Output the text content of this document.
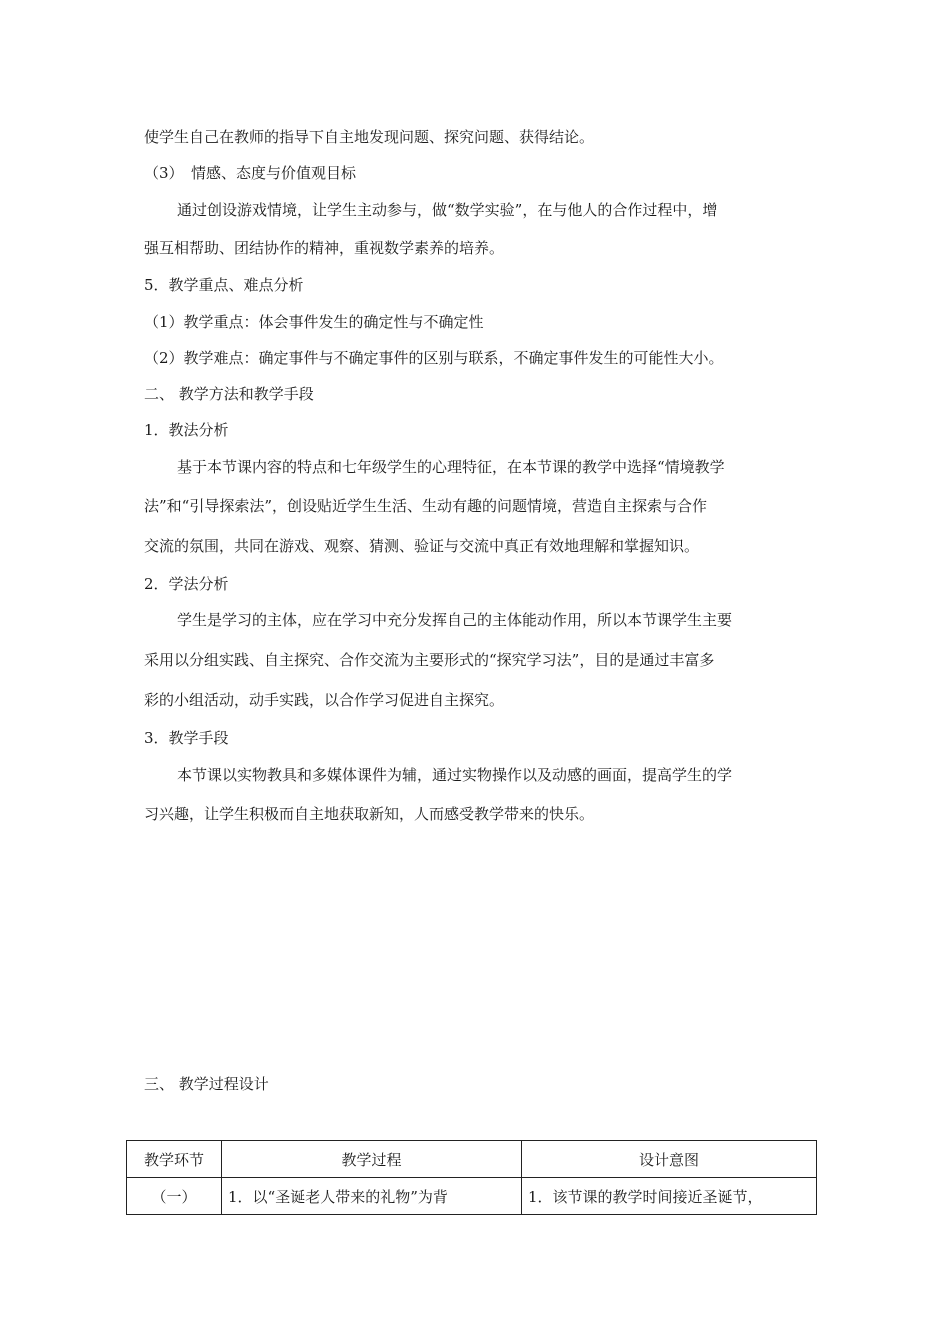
使学生自己在教师的指导下自主地发现问题、探究问题、获得结论。

（3）　情感、态度与价值观目标

通过创设游戏情境，让学生主动参与，做“数学实验”，在与他人的合作过程中，增

强互相帮助、团结协作的精神，重视数学素养的培养。

5．教学重点、难点分析

（1）教学重点：体会事件发生的确定性与不确定性

（2）教学难点：确定事件与不确定事件的区别与联系，不确定事件发生的可能性大小。

二、 教学方法和教学手段

1．教法分析

基于本节课内容的特点和七年级学生的心理特征，在本节课的教学中选择“情境教学

法”和“引导探索法”，创设贴近学生生活、生动有趣的问题情境，营造自主探索与合作

交流的氛围，共同在游戏、观察、猜测、验证与交流中真正有效地理解和掌握知识。

2．学法分析

学生是学习的主体，应在学习中充分发挥自己的主体能动作用，所以本节课学生主要

采用以分组实践、自主探究、合作交流为主要形式的“探究学习法”，目的是通过丰富多

彩的小组活动，动手实践，以合作学习促进自主探究。

3．教学手段

本节课以实物教具和多媒体课件为辅，通过实物操作以及动感的画面，提高学生的学

习兴趣，让学生积极而自主地获取新知，人而感受教学带来的快乐。

三、 教学过程设计

教学环节	教学过程	设计意图
（一）	1．以“圣诞老人带来的礼物”为背	1．该节课的教学时间接近圣诞节，
